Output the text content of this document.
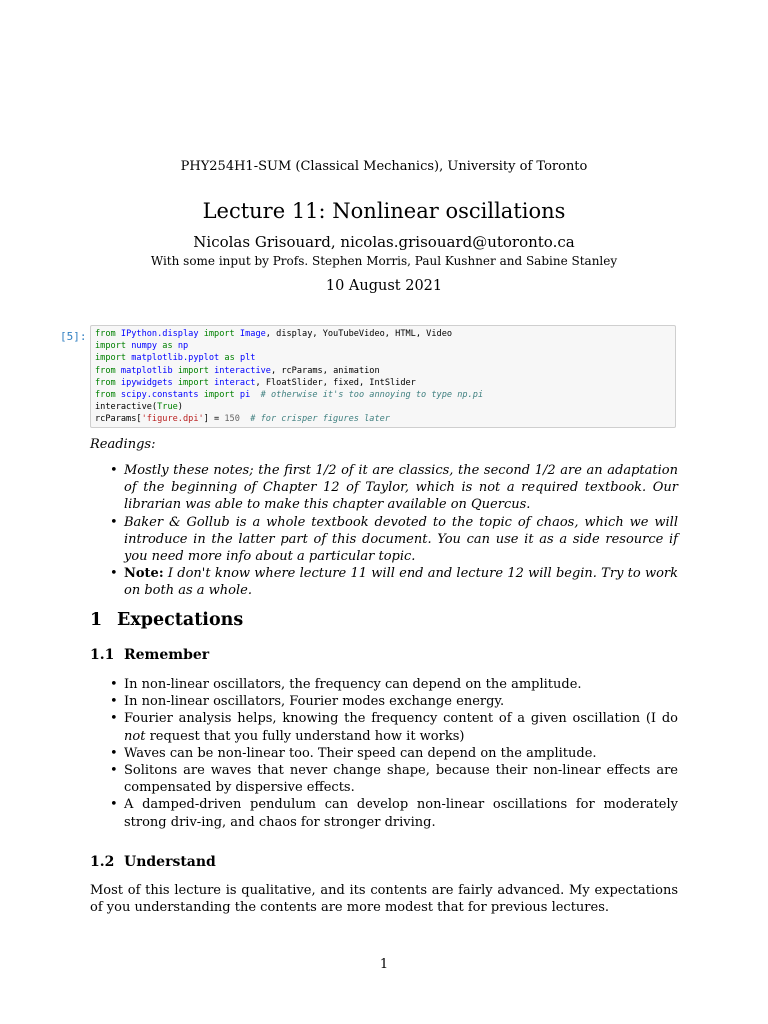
PHY254H1-SUM (Classical Mechanics), University of Toronto
Lecture 11: Nonlinear oscillations
Nicolas Grisouard, nicolas.grisouard@utoronto.ca
With some input by Profs. Stephen Morris, Paul Kushner and Sabine Stanley
10 August 2021
[5]: from IPython.display import Image, display, YouTubeVideo, HTML, Video
import numpy as np
import matplotlib.pyplot as plt
from matplotlib import interactive, rcParams, animation
from ipywidgets import interact, FloatSlider, fixed, IntSlider
from scipy.constants import pi # otherwise it's too annoying to type np.pi
interactive(True)
rcParams['figure.dpi'] = 150 # for crisper figures later
Readings:
• Mostly these notes; the first 1/2 of it are classics, the second 1/2 are an adaptation of the beginning of Chapter 12 of Taylor, which is not a required textbook. Our librarian was able to make this chapter available on Quercus.
• Baker & Gollub is a whole textbook devoted to the topic of chaos, which we will introduce in the latter part of this document. You can use it as a side resource if you need more info about a particular topic.
• Note: I don't know where lecture 11 will end and lecture 12 will begin. Try to work on both as a whole.
1 Expectations
1.1 Remember
• In non-linear oscillators, the frequency can depend on the amplitude.
• In non-linear oscillators, Fourier modes exchange energy.
• Fourier analysis helps, knowing the frequency content of a given oscillation (I do not request that you fully understand how it works)
• Waves can be non-linear too. Their speed can depend on the amplitude.
• Solitons are waves that never change shape, because their non-linear effects are compensated by dispersive effects.
• A damped-driven pendulum can develop non-linear oscillations for moderately strong driv-ing, and chaos for stronger driving.
1.2 Understand
Most of this lecture is qualitative, and its contents are fairly advanced. My expectations of you understanding the contents are more modest that for previous lectures.
1
